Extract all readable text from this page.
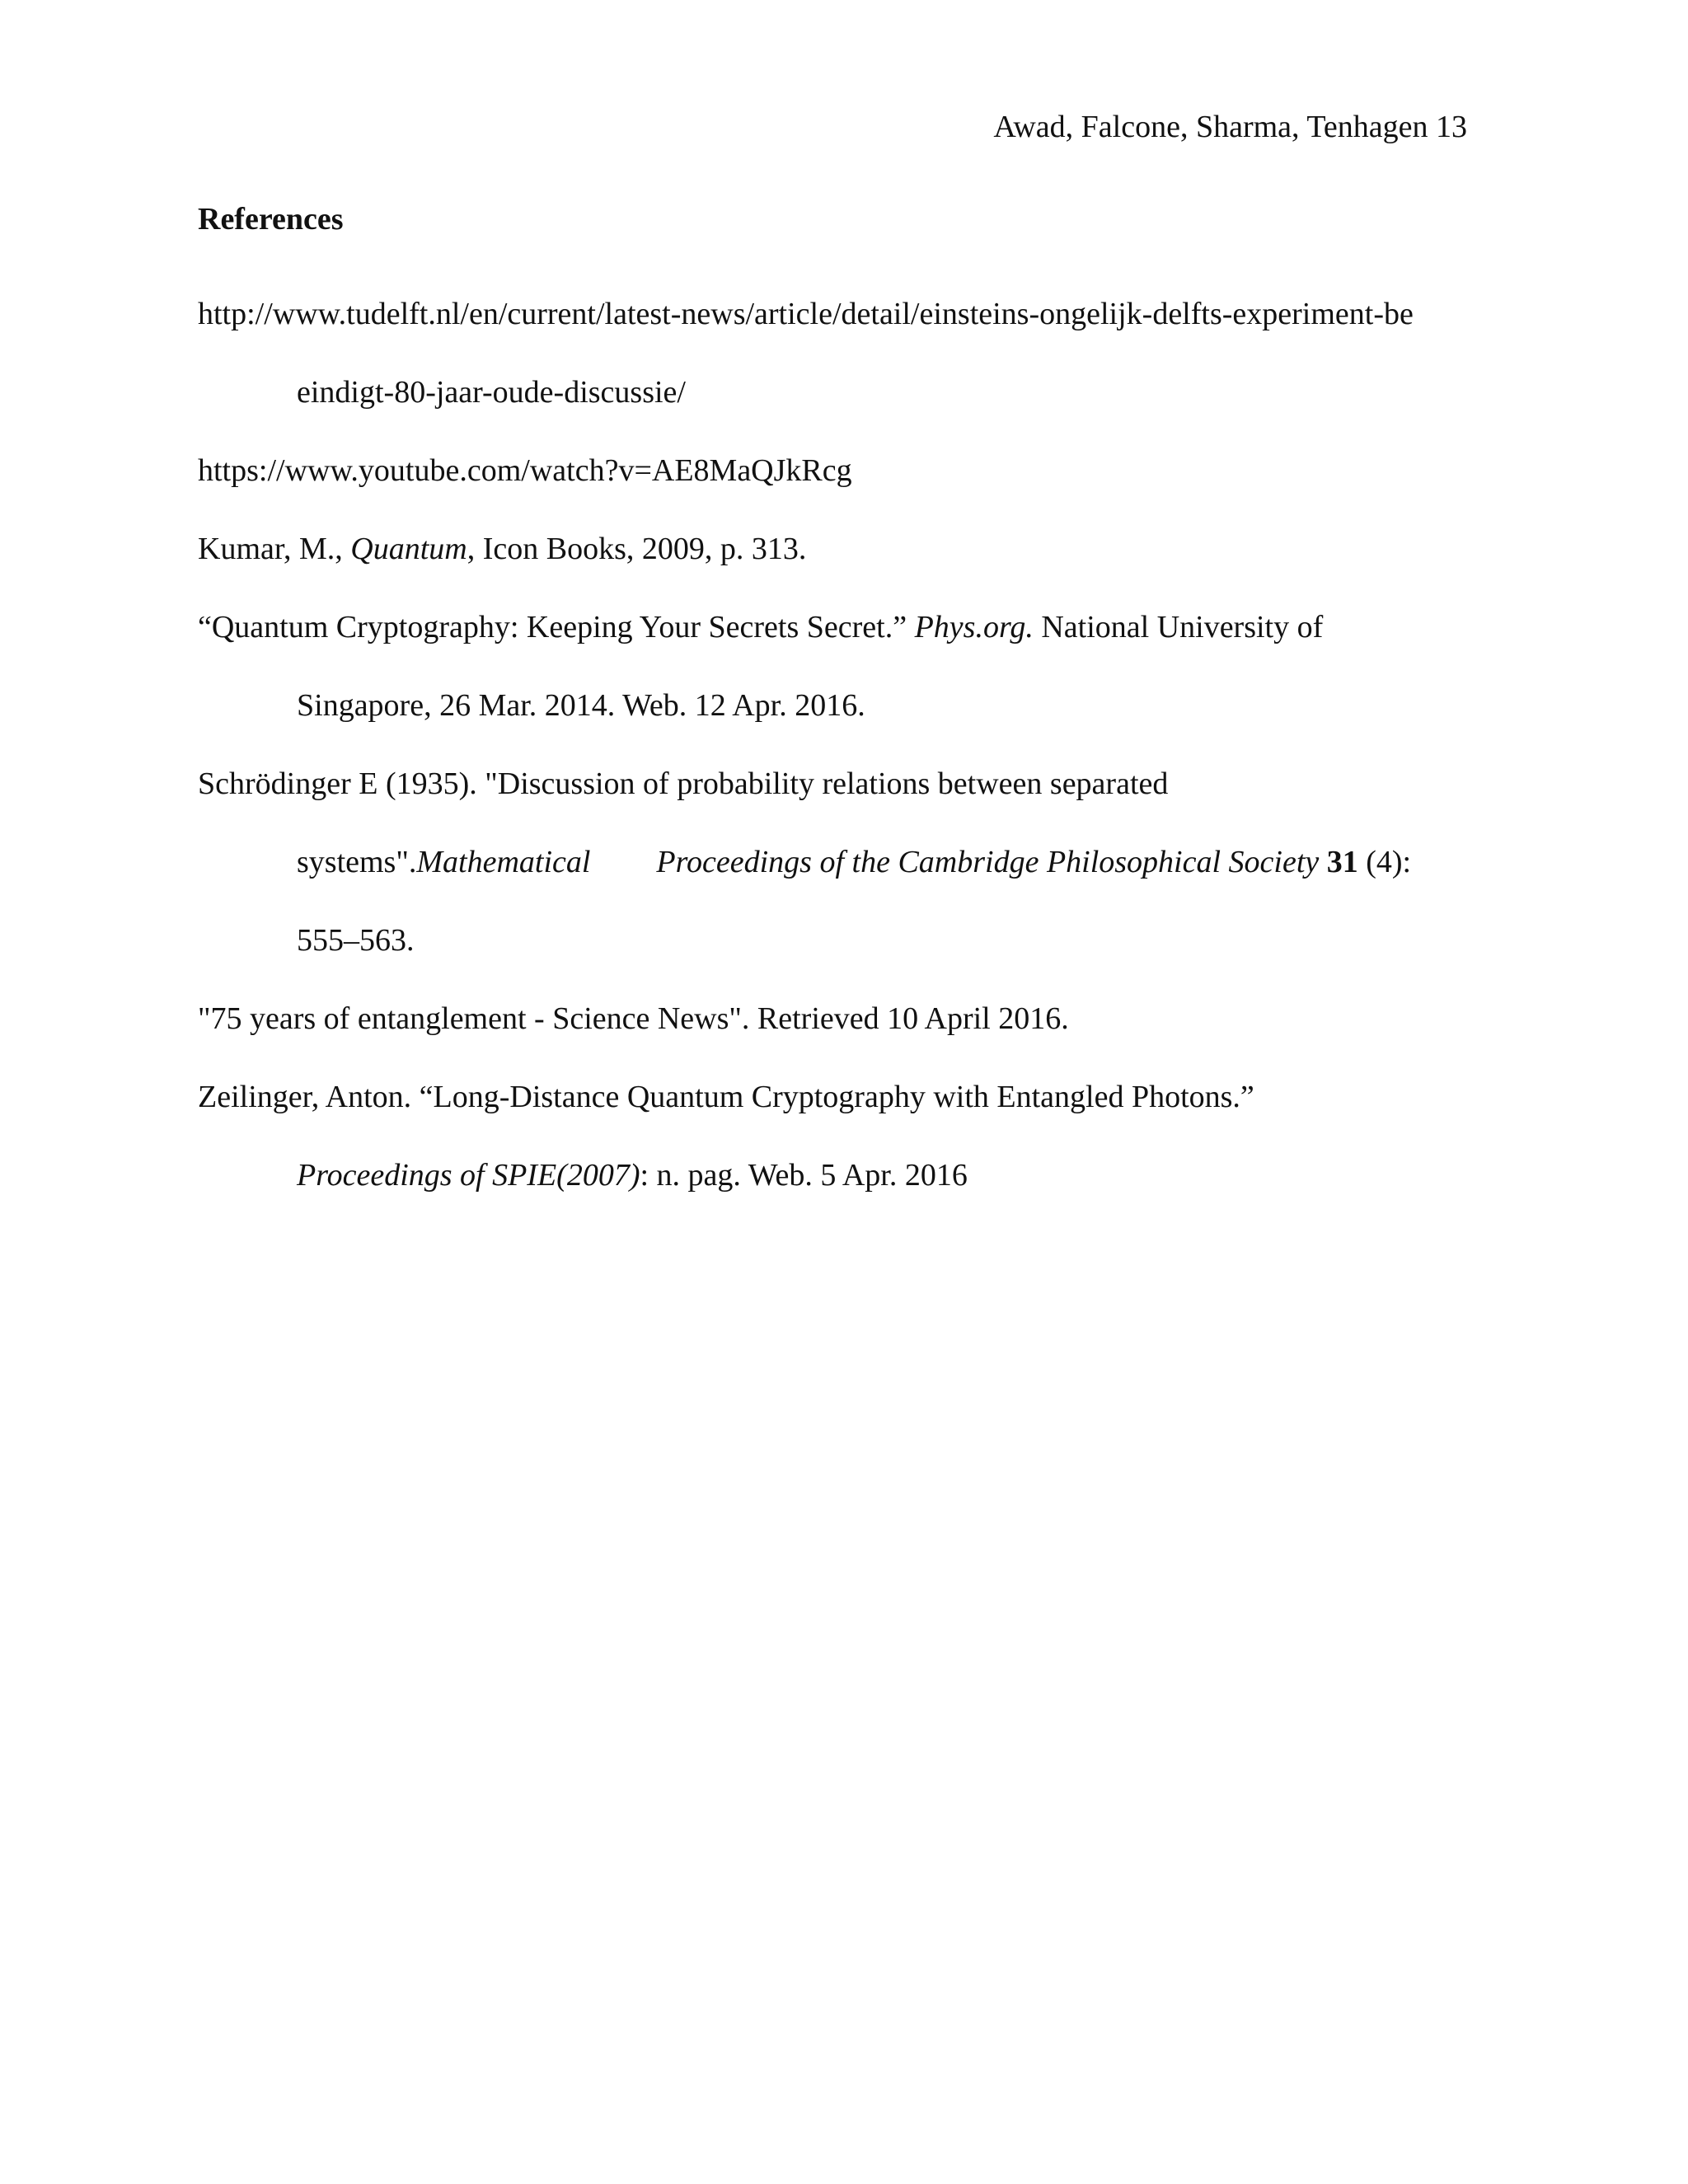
Awad, Falcone, Sharma, Tenhagen 13
References

http://www.tudelft.nl/en/current/latest-news/article/detail/einsteins-ongelijk-delfts-experiment-be
eindigt-80-jaar-oude-discussie/

https://www.youtube.com/watch?v=AE8MaQJkRcg

Kumar, M., Quantum, Icon Books, 2009, p. 313.

“Quantum Cryptography: Keeping Your Secrets Secret.” Phys.org. National University of
Singapore, 26 Mar. 2014. Web. 12 Apr. 2016.

Schrödinger E (1935). "Discussion of probability relations between separated
systems".Mathematical Proceedings of the Cambridge Philosophical Society 31 (4):
555–563.

"75 years of entanglement - Science News". Retrieved 10 April 2016.

Zeilinger, Anton. “Long-Distance Quantum Cryptography with Entangled Photons.”
Proceedings of SPIE(2007): n. pag. Web. 5 Apr. 2016
